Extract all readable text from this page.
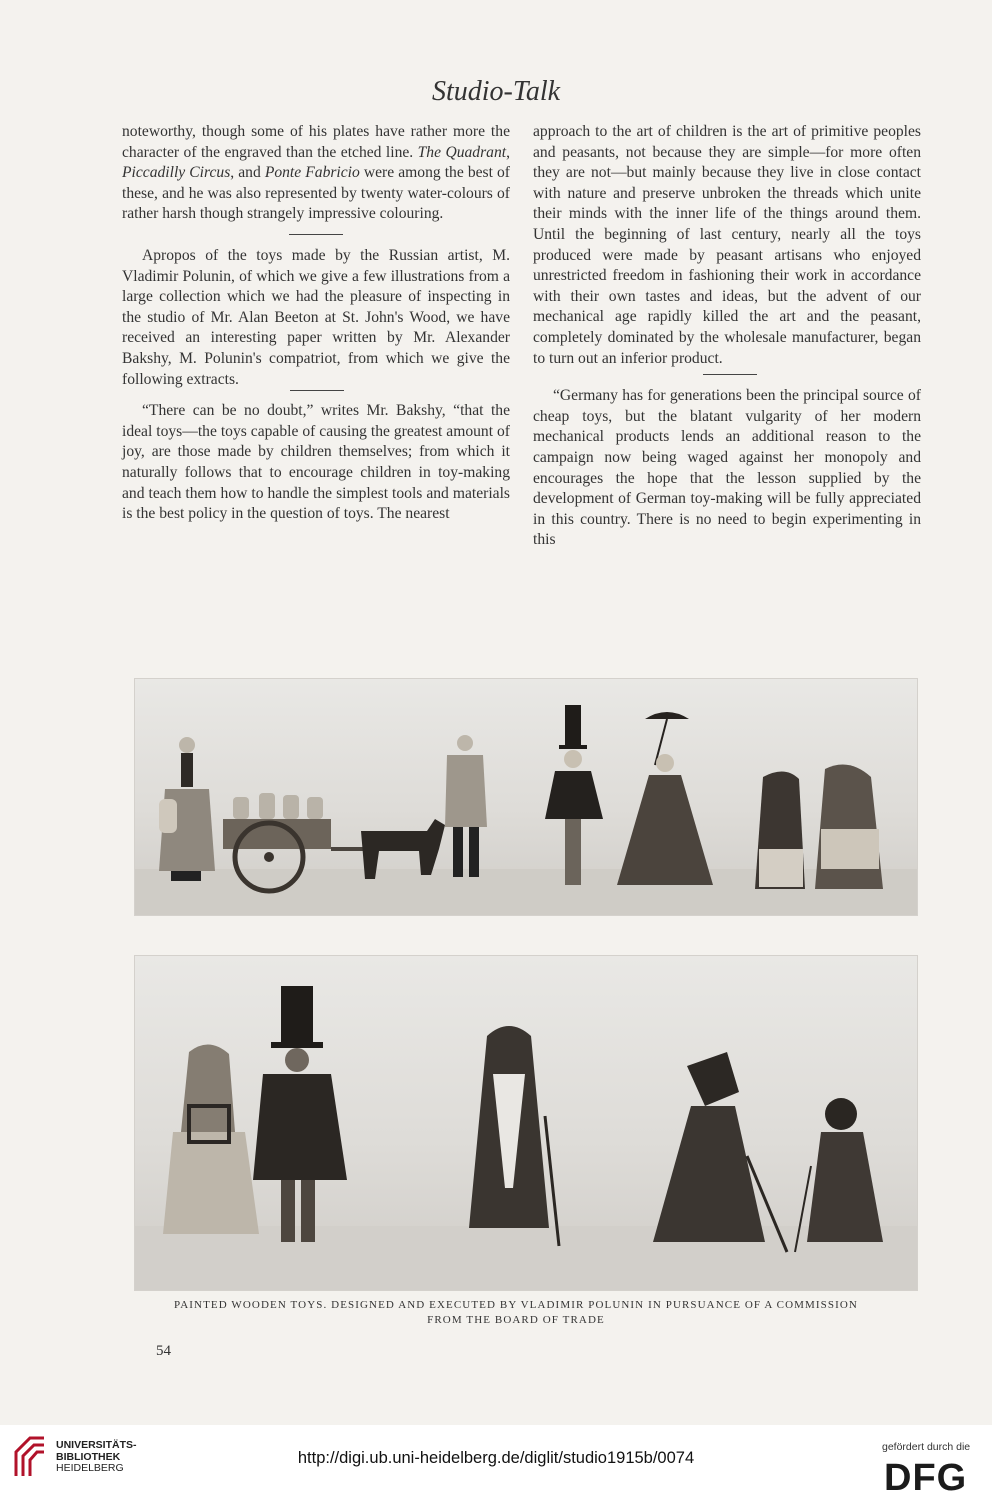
Studio-Talk

noteworthy, though some of his plates have rather more the character of the engraved than the etched line. The Quadrant, Piccadilly Circus, and Ponte Fabricio were among the best of these, and he was also represented by twenty water-colours of rather harsh though strangely impressive colouring.

Apropos of the toys made by the Russian artist, M. Vladimir Polunin, of which we give a few illustrations from a large collection which we had the pleasure of inspecting in the studio of Mr. Alan Beeton at St. John's Wood, we have received an interesting paper written by Mr. Alexander Bakshy, M. Polunin's compatriot, from which we give the following extracts.

“There can be no doubt,” writes Mr. Bakshy, “that the ideal toys—the toys capable of causing the greatest amount of joy, are those made by children themselves; from which it naturally follows that to encourage children in toy-making and teach them how to handle the simplest tools and materials is the best policy in the question of toys. The nearest

approach to the art of children is the art of primitive peoples and peasants, not because they are simple—for more often they are not—but mainly because they live in close contact with nature and preserve unbroken the threads which unite their minds with the inner life of the things around them. Until the beginning of last century, nearly all the toys produced were made by peasant artisans who enjoyed unrestricted freedom in fashioning their work in accordance with their own tastes and ideas, but the advent of our mechanical age rapidly killed the art and the peasant, completely dominated by the wholesale manufacturer, began to turn out an inferior product.

“Germany has for generations been the principal source of cheap toys, but the blatant vulgarity of her modern mechanical products lends an additional reason to the campaign now being waged against her monopoly and encourages the hope that the lesson supplied by the development of German toy-making will be fully appreciated in this country. There is no need to begin experimenting in this

PAINTED WOODEN TOYS. DESIGNED AND EXECUTED BY VLADIMIR POLUNIN IN PURSUANCE OF A COMMISSION
FROM THE BOARD OF TRADE
54
UNIVERSITÄTS-
BIBLIOTHEK
HEIDELBERG
http://digi.ub.uni-heidelberg.de/diglit/studio1915b/0074
gefördert durch die
DFG
